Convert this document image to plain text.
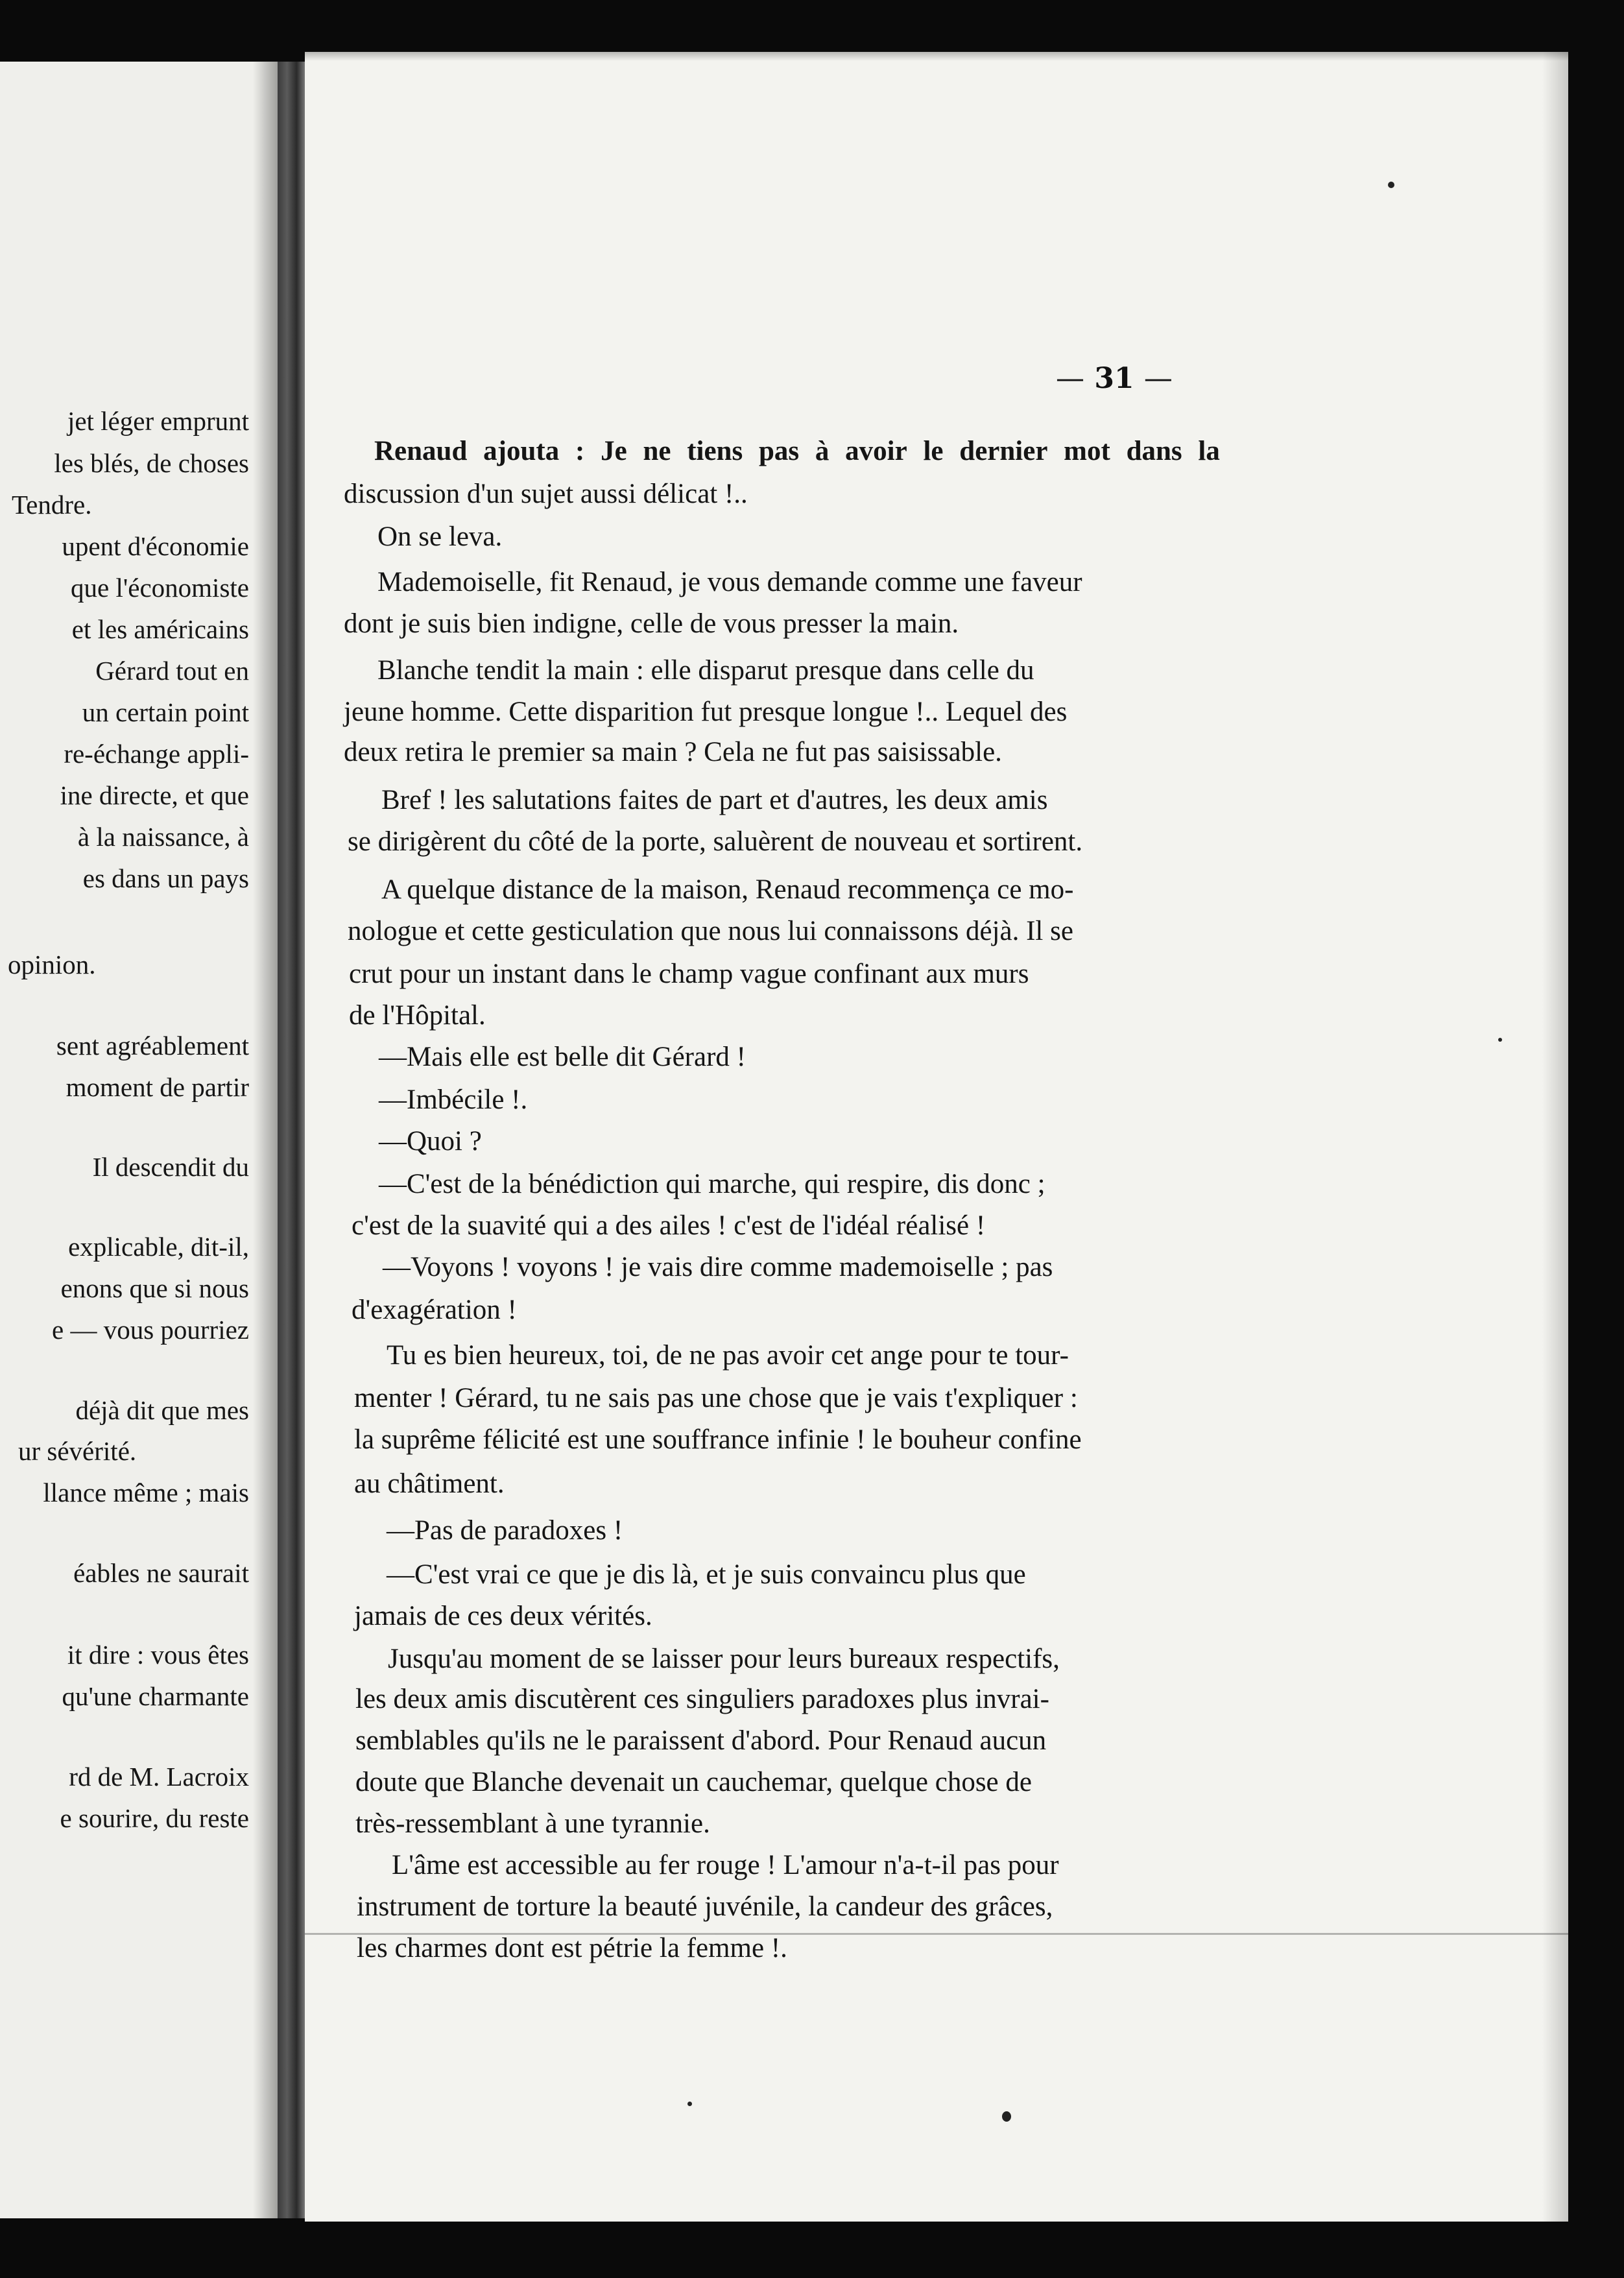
jet léger emprunt
les blés, de choses
Tendre.
upent d'économie
que l'économiste
et les américains
Gérard tout en
un certain point
re-échange appli-
ine directe, et que
à la naissance, à
es dans un pays
opinion.
sent agréablement
moment de partir
Il descendit du
explicable, dit-il,
enons que si nous
e — vous pourriez
déjà dit que mes
ur sévérité.
llance même ; mais
éables ne saurait
it dire : vous êtes
qu'une charmante
rd de M. Lacroix
e sourire, du reste
— 31 —
Renaud ajouta : Je ne tiens pas à avoir le dernier mot dans la
discussion d'un sujet aussi délicat !..
On se leva.
Mademoiselle, fit Renaud, je vous demande comme une faveur
dont je suis bien indigne, celle de vous presser la main.
Blanche tendit la main : elle disparut presque dans celle du
jeune homme. Cette disparition fut presque longue !.. Lequel des
deux retira le premier sa main ? Cela ne fut pas saisissable.
Bref ! les salutations faites de part et d'autres, les deux amis
se dirigèrent du côté de la porte, saluèrent de nouveau et sortirent.
A quelque distance de la maison, Renaud recommença ce mo-
nologue et cette gesticulation que nous lui connaissons déjà. Il se
crut pour un instant dans le champ vague confinant aux murs
de l'Hôpital.
—Mais elle est belle dit Gérard !
—Imbécile !.
—Quoi ?
—C'est de la bénédiction qui marche, qui respire, dis donc ;
c'est de la suavité qui a des ailes ! c'est de l'idéal réalisé !
—Voyons ! voyons ! je vais dire comme mademoiselle ; pas
d'exagération !
Tu es bien heureux, toi, de ne pas avoir cet ange pour te tour-
menter ! Gérard, tu ne sais pas une chose que je vais t'expliquer :
la suprême félicité est une souffrance infinie ! le bouheur confine
au châtiment.
—Pas de paradoxes !
—C'est vrai ce que je dis là, et je suis convaincu plus que
jamais de ces deux vérités.
Jusqu'au moment de se laisser pour leurs bureaux respectifs,
les deux amis discutèrent ces singuliers paradoxes plus invrai-
semblables qu'ils ne le paraissent d'abord. Pour Renaud aucun
doute que Blanche devenait un cauchemar, quelque chose de
très-ressemblant à une tyrannie.
L'âme est accessible au fer rouge ! L'amour n'a-t-il pas pour
instrument de torture la beauté juvénile, la candeur des grâces,
les charmes dont est pétrie la femme !.
